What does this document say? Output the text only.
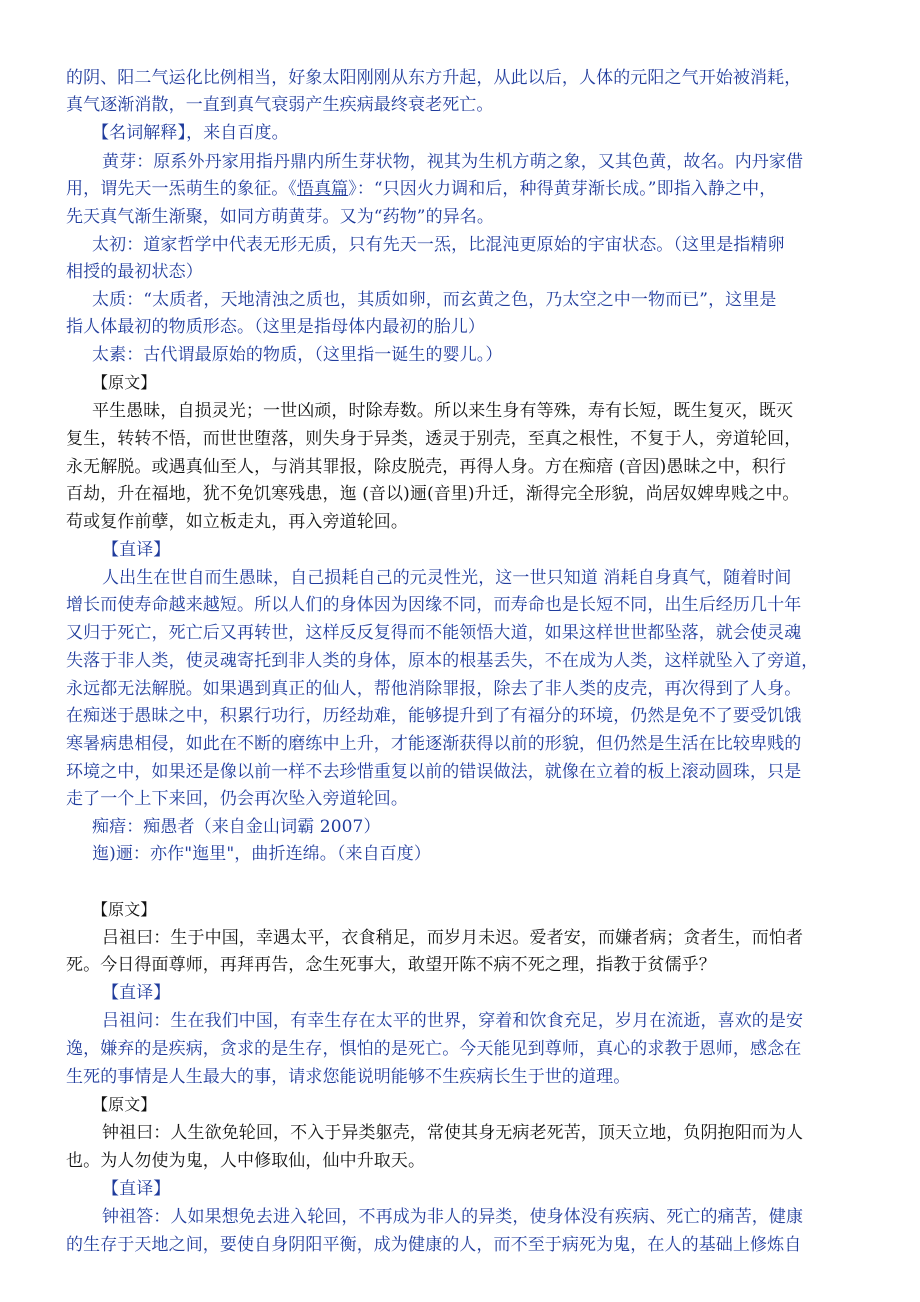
的阴、阳二气运化比例相当，好象太阳刚刚从东方升起，从此以后，人体的元阳之气开始被消耗，

真气逐渐消散，一直到真气衰弱产生疾病最终衰老死亡。

【名词解释】，来自百度。

黄芽：原系外丹家用指丹鼎内所生芽状物，视其为生机方萌之象，又其色黄，故名。内丹家借

用，谓先天一炁萌生的象征。《悟真篇》：“只因火力调和后，种得黄芽渐长成。”即指入静之中，

先天真气渐生渐聚，如同方萌黄芽。又为“药物”的异名。

太初：道家哲学中代表无形无质，只有先天一炁，比混沌更原始的宇宙状态。（这里是指精卵

相授的最初状态）

太质：“太质者，天地清浊之质也，其质如卵，而玄黄之色，乃太空之中一物而已”，这里是

指人体最初的物质形态。（这里是指母体内最初的胎儿）

太素：古代谓最原始的物质，（这里指一诞生的婴儿。）

【原文】

平生愚昧，自损灵光；一世凶顽，时除寿数。所以来生身有等殊，寿有长短，既生复灭，既灭

复生，转转不悟，而世世堕落，则失身于异类，透灵于别壳，至真之根性，不复于人，旁道轮回，

永无解脱。或遇真仙至人，与消其罪报，除皮脱壳，再得人身。方在痴瘖 (音因)愚昧之中，积行

百劫，升在福地，犹不免饥寒残患，迤 (音以)逦(音里)升迁，渐得完全形貌，尚居奴婢卑贱之中。

苟或复作前孽，如立板走丸，再入旁道轮回。

【直译】

人出生在世自而生愚昧，自己损耗自己的元灵性光，这一世只知道 消耗自身真气，随着时间

增长而使寿命越来越短。所以人们的身体因为因缘不同，而寿命也是长短不同，出生后经历几十年

又归于死亡，死亡后又再转世，这样反反复得而不能领悟大道，如果这样世世都坠落，就会使灵魂

失落于非人类，使灵魂寄托到非人类的身体，原本的根基丢失，不在成为人类，这样就坠入了旁道，

永远都无法解脱。如果遇到真正的仙人，帮他消除罪报，除去了非人类的皮壳，再次得到了人身。

在痴迷于愚昧之中，积累行功行，历经劫难，能够提升到了有福分的环境，仍然是免不了要受饥饿

寒暑病患相侵，如此在不断的磨练中上升，才能逐渐获得以前的形貌，但仍然是生活在比较卑贱的

环境之中，如果还是像以前一样不去珍惜重复以前的错误做法，就像在立着的板上滚动圆珠，只是

走了一个上下来回，仍会再次坠入旁道轮回。

痴瘖：痴愚者（来自金山词霸 2007）

迤)逦：亦作"迤里"，曲折连绵。（来自百度）

【原文】

吕祖曰：生于中国，幸遇太平，衣食稍足，而岁月未迟。爱者安，而嫌者病；贪者生，而怕者

死。今日得面尊师，再拜再告，念生死事大，敢望开陈不病不死之理，指教于贫儒乎？

【直译】

吕祖问：生在我们中国，有幸生存在太平的世界，穿着和饮食充足，岁月在流逝，喜欢的是安

逸，嫌弃的是疾病，贪求的是生存，惧怕的是死亡。今天能见到尊师，真心的求教于恩师，感念在

生死的事情是人生最大的事，请求您能说明能够不生疾病长生于世的道理。

【原文】

钟祖曰：人生欲免轮回，不入于异类躯壳，常使其身无病老死苦，顶天立地，负阴抱阳而为人

也。为人勿使为鬼，人中修取仙，仙中升取天。

【直译】

钟祖答：人如果想免去进入轮回，不再成为非人的异类，使身体没有疾病、死亡的痛苦，健康

的生存于天地之间，要使自身阴阳平衡，成为健康的人，而不至于病死为鬼，在人的基础上修炼自
